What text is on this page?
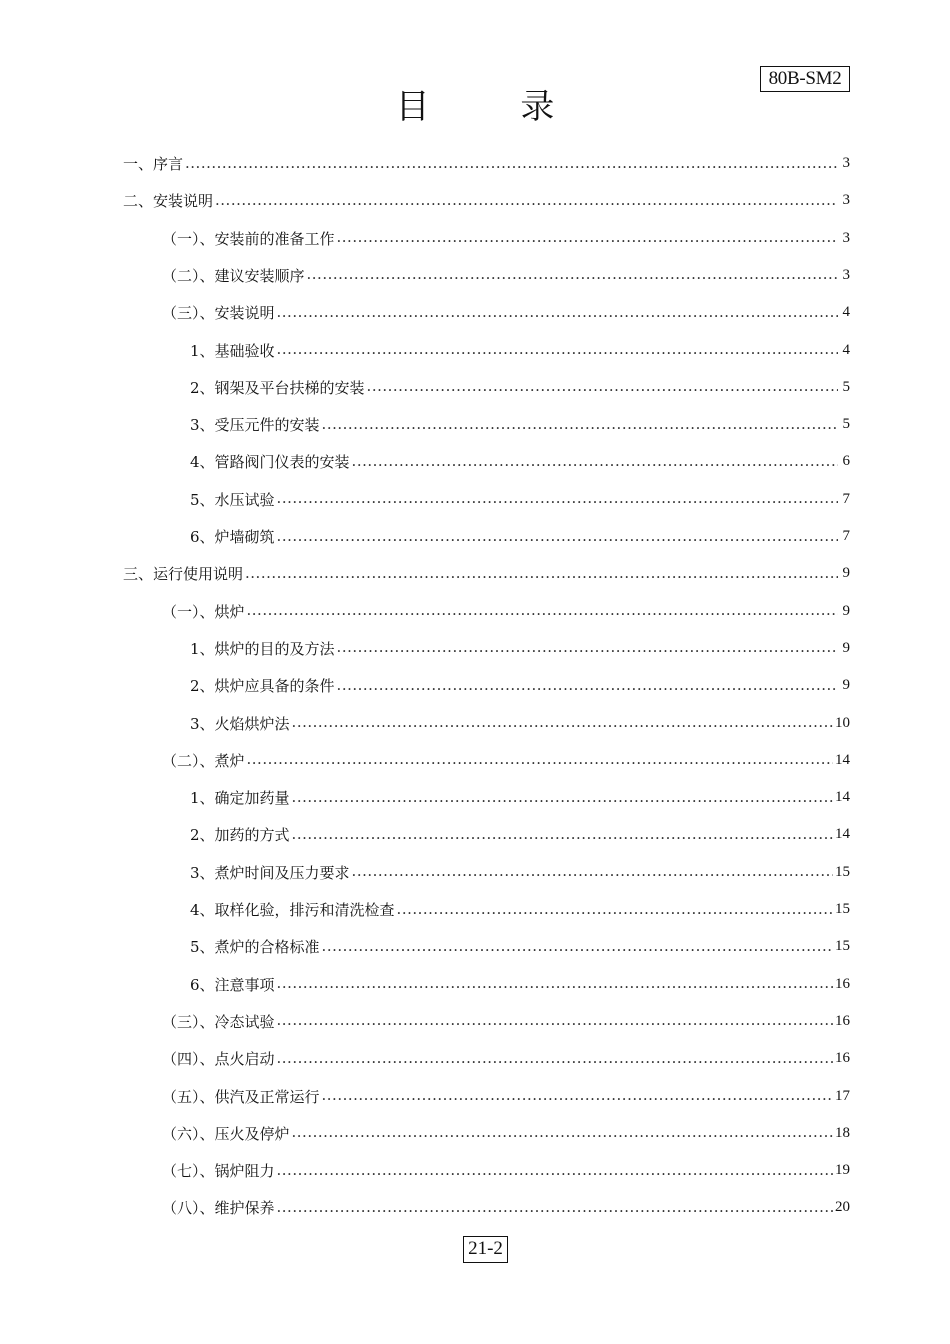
80B-SM2
目 录
一、序言 ·····	3
二、安装说明 ·····	3
（一）、安装前的准备工作 ·····	3
（二）、建议安装顺序 ·····	3
（三）、安装说明 ·····	4
1、基础验收 ·····	4
2、钢架及平台扶梯的安装 ·····	5
3、受压元件的安装 ·····	5
4、管路阀门仪表的安装 ·····	6
5、水压试验 ·····	7
6、炉墙砌筑 ·····	7
三、运行使用说明 ·····	9
（一）、烘炉 ·····	9
1、烘炉的目的及方法 ·····	9
2、烘炉应具备的条件 ·····	9
3、火焰烘炉法 ·····	10
（二）、煮炉 ·····	14
1、确定加药量 ·····	14
2、加药的方式 ·····	14
3、煮炉时间及压力要求 ·····	15
4、取样化验，排污和清洗检查 ·····	15
5、煮炉的合格标准 ·····	15
6、注意事项 ·····	16
（三）、冷态试验 ·····	16
（四）、点火启动 ·····	16
（五）、供汽及正常运行 ·····	17
（六）、压火及停炉 ·····	18
（七）、锅炉阻力 ·····	19
（八）、维护保养 ·····	20
21-2
